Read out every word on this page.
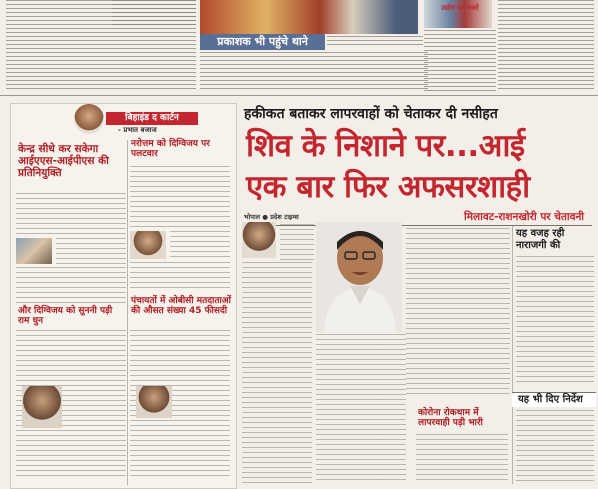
प्रकाशक भी पहुंचे थाने
उद्योग पर नजरें
बिहाइंड द कार्टन
- प्रभात बजाज
केन्द्र सीधे कर सकेगा आईएएस-आईपीएस की प्रतिनियुक्ति
और दिग्विजय को सुननी पड़ी राम धुन
नरोत्तम को दिग्विजय पर पलटवार
पंचायतों में ओबीसी मतदाताओं की औसत संख्या 45 फीसदी
हकीकत बताकर लापरवाहों को चेताकर दी नसीहत
शिव के निशाने पर...आई
एक बार फिर अफसरशाही
भोपाल ● प्रदेश टाइम्स	मिलावट-राशनखोरी पर चेतावनी
यह वजह रही नाराजगी की
कोरोना रोकथाम में लापरवाही पड़ी भारी
यह भी दिए निर्देश
